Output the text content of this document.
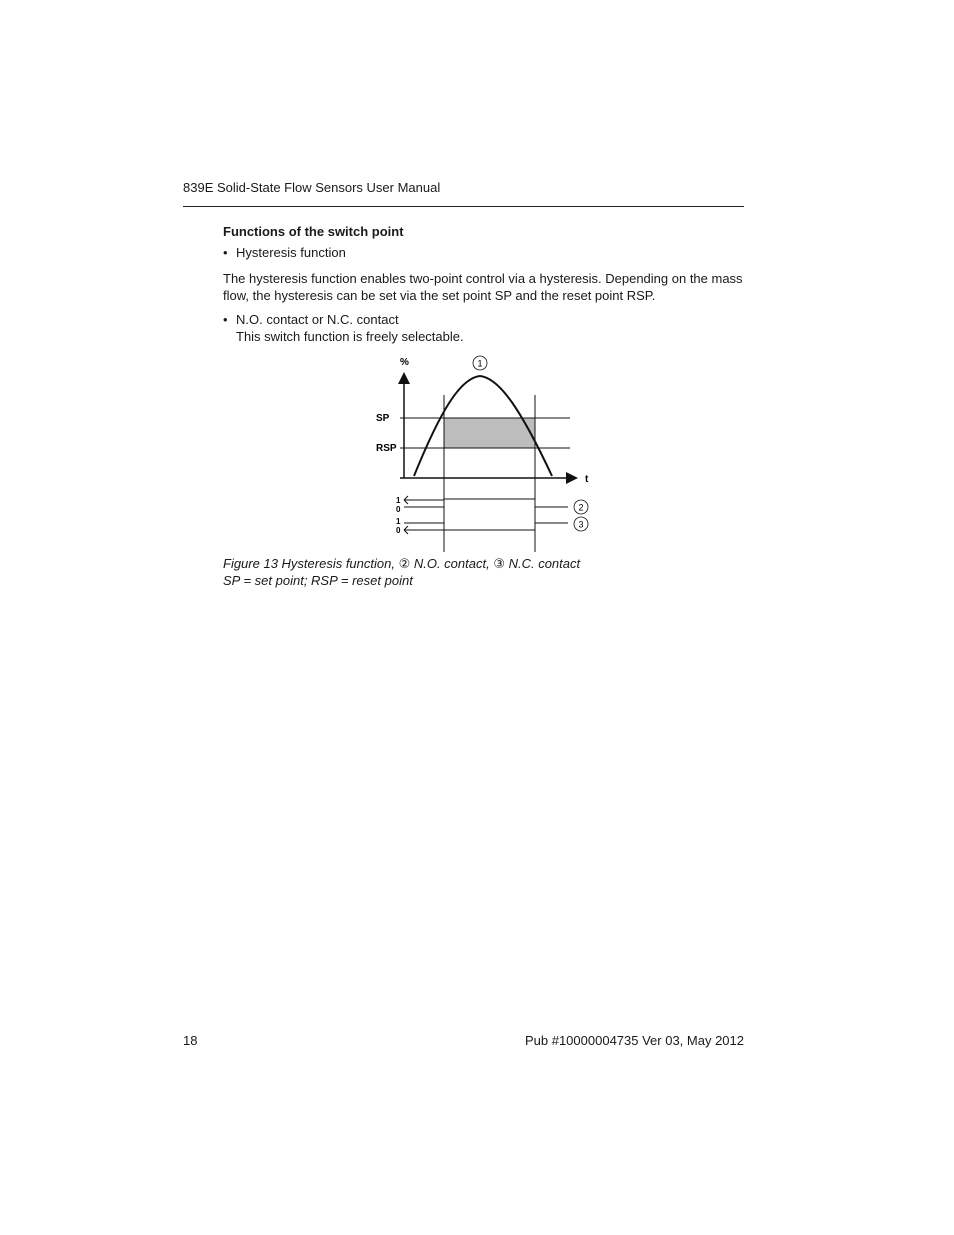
839E Solid-State Flow Sensors User Manual
Functions of the switch point
• Hysteresis function
The hysteresis function enables two-point control via a hysteresis. Depending on the mass flow, the hysteresis can be set via the set point SP and the reset point RSP.
• N.O. contact or N.C. contact
This switch function is freely selectable.
%
t
SP
RSP
1
1
0
1
0
2
3
Figure 13 Hysteresis function, ② N.O. contact, ③ N.C. contact
SP = set point; RSP = reset point
18	Pub #10000004735 Ver 03, May 2012
